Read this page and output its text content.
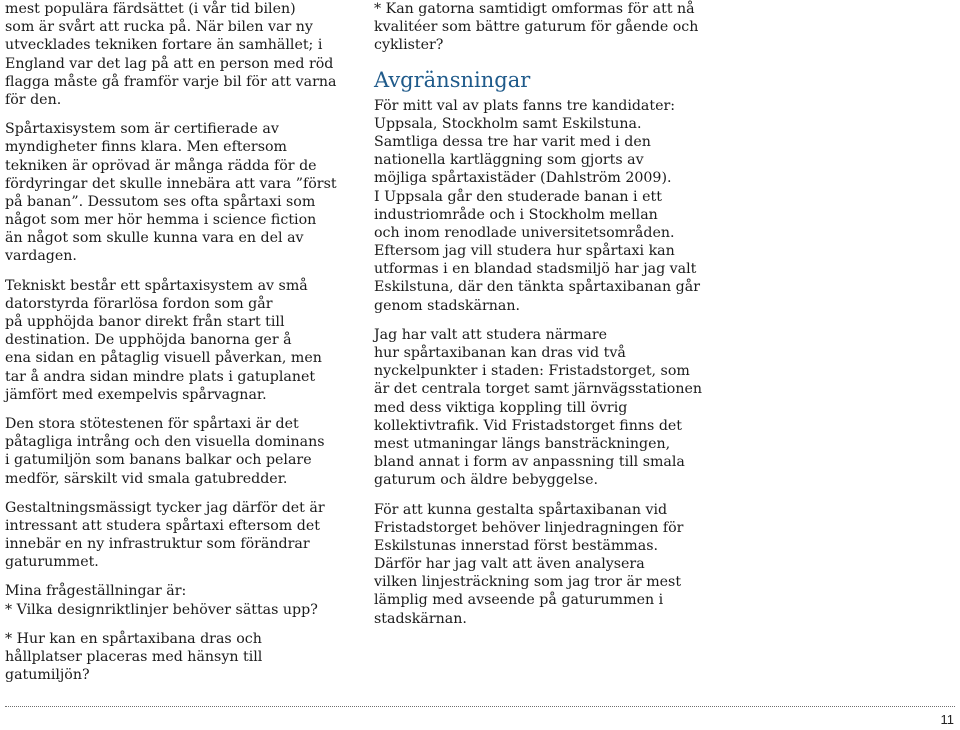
mest populära färdsättet (i vår tid bilen)
som är svårt att rucka på. När bilen var ny
utvecklades tekniken fortare än samhället; i
England var det lag på att en person med röd
flagga måste gå framför varje bil för att varna
för den.
Spårtaxisystem som är certifierade av
myndigheter finns klara. Men eftersom
tekniken är oprövad är många rädda för de
fördyringar det skulle innebära att vara ”först
på banan”. Dessutom ses ofta spårtaxi som
något som mer hör hemma i science fiction
än något som skulle kunna vara en del av
vardagen.
Tekniskt består ett spårtaxisystem av små
datorstyrda förarlösa fordon som går
på upphöjda banor direkt från start till
destination. De upphöjda banorna ger å
ena sidan en påtaglig visuell påverkan, men
tar å andra sidan mindre plats i gatuplanet
jämfört med exempelvis spårvagnar.
Den stora stötestenen för spårtaxi är det
påtagliga intrång och den visuella dominans
i gatumiljön som banans balkar och pelare
medför, särskilt vid smala gatubredder.
Gestaltningsmässigt tycker jag därför det är
intressant att studera spårtaxi eftersom det
innebär en ny infrastruktur som förändrar
gaturummet.
Mina frågeställningar är:
* Vilka designriktlinjer behöver sättas upp?
* Hur kan en spårtaxibana dras och
hållplatser placeras med hänsyn till
gatumiljön?
* Kan gatorna samtidigt omformas för att nå
kvalitéer som bättre gaturum för gående och
cyklister?
Avgränsningar
För mitt val av plats fanns tre kandidater:
Uppsala, Stockholm samt Eskilstuna.
Samtliga dessa tre har varit med i den
nationella kartläggning som gjorts av
möjliga spårtaxistäder (Dahlström 2009).
I Uppsala går den studerade banan i ett
industriområde och i Stockholm mellan
och inom renodlade universitetsområden.
Eftersom jag vill studera hur spårtaxi kan
utformas i en blandad stadsmiljö har jag valt
Eskilstuna, där den tänkta spårtaxibanan går
genom stadskärnan.
Jag har valt att studera närmare
hur spårtaxibanan kan dras vid två
nyckelpunkter i staden: Fristadstorget, som
är det centrala torget samt järnvägsstationen
med dess viktiga koppling till övrig
kollektivtrafik. Vid Fristadstorget finns det
mest utmaningar längs bansträckningen,
bland annat i form av anpassning till smala
gaturum och äldre bebyggelse.
För att kunna gestalta spårtaxibanan vid
Fristadstorget behöver linjedragningen för
Eskilstunas innerstad först bestämmas.
Därför har jag valt att även analysera
vilken linjesträckning som jag tror är mest
lämplig med avseende på gaturummen i
stadskärnan.
11
